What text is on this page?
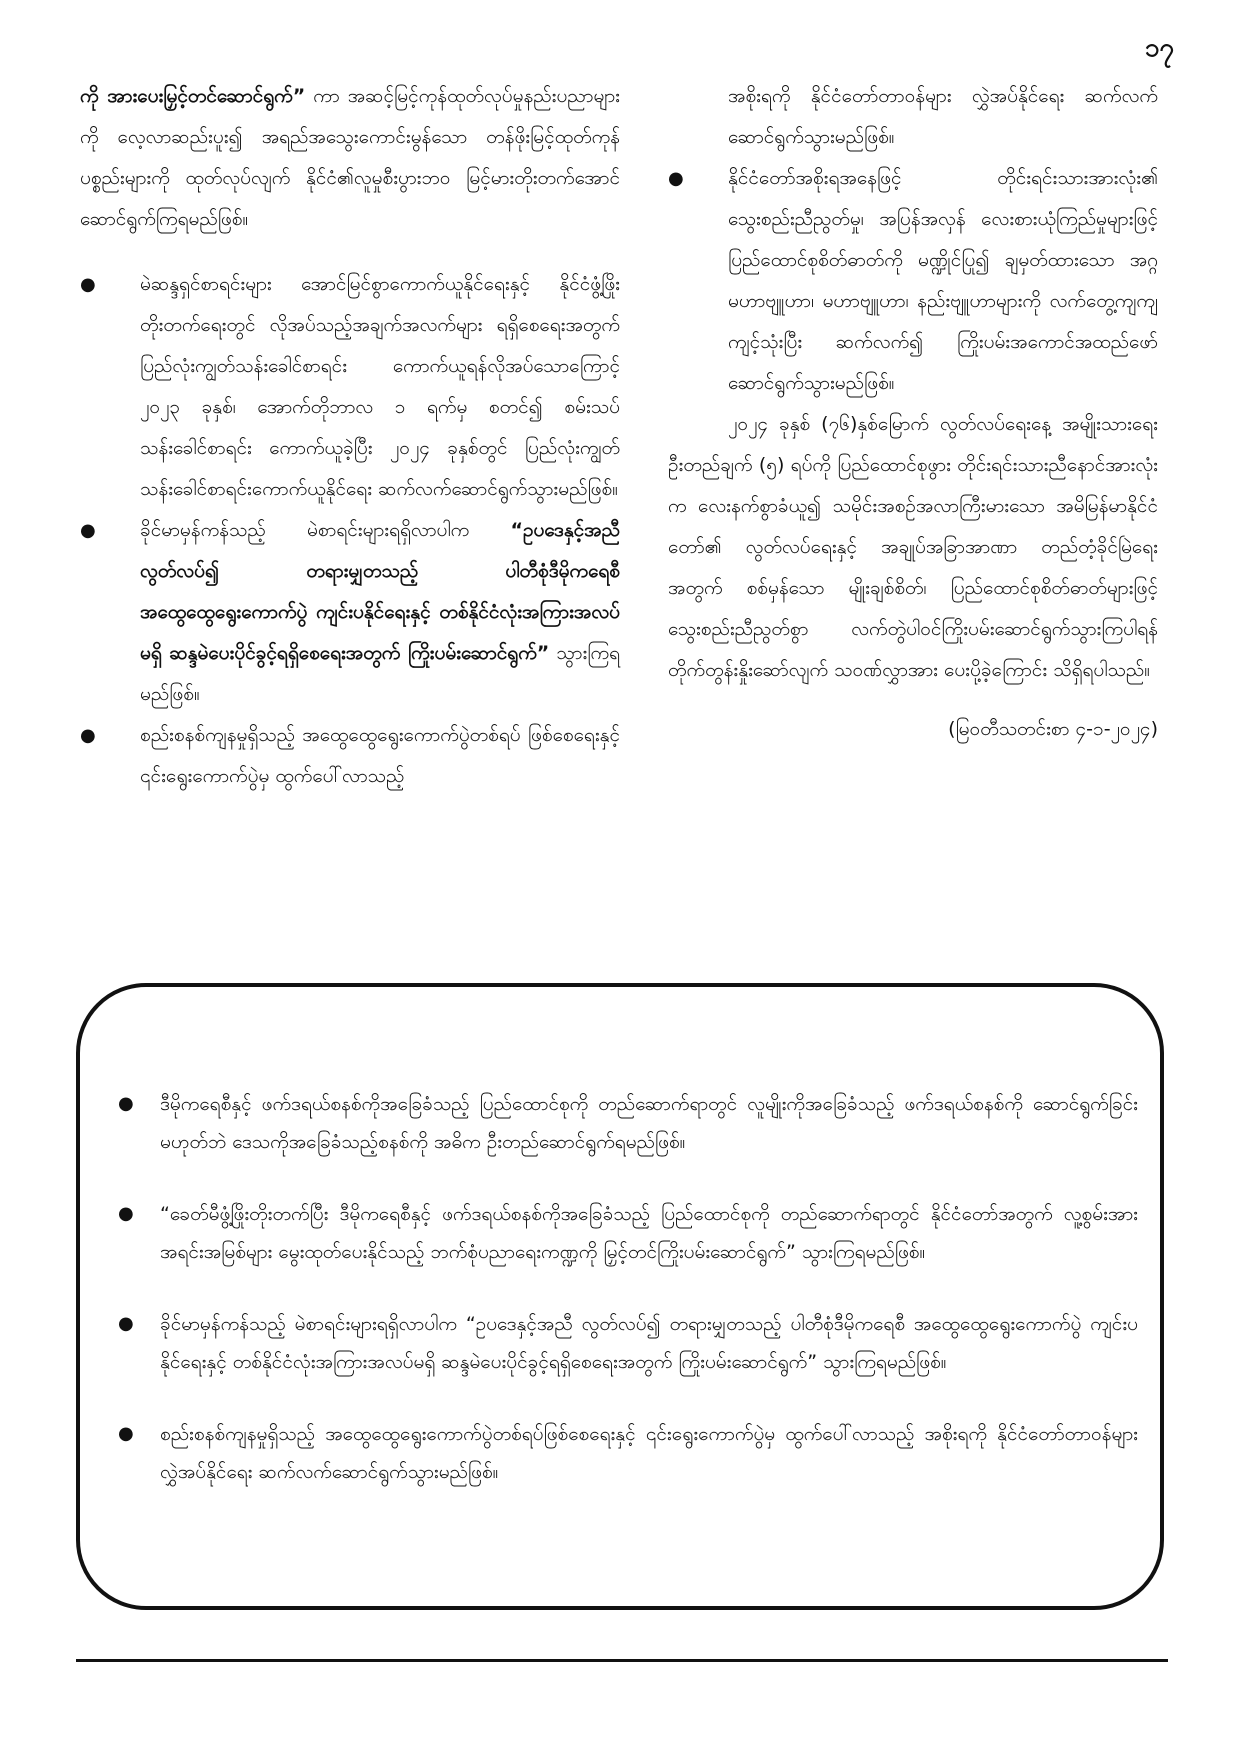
၁၇

ကို အားပေးမြှင့်တင်ဆောင်ရွက်” ကာ အဆင့်မြင့်ကုန်ထုတ်လုပ်မှုနည်းပညာများကို လေ့လာဆည်းပူး၍ အရည်အသွေးကောင်းမွန်သော တန်ဖိုးမြင့်ထုတ်ကုန်ပစ္စည်းများကို ထုတ်လုပ်လျက် နိုင်ငံ၏လူမှုစီးပွားဘ၀ မြင့်မားတိုးတက်အောင် ဆောင်ရွက်ကြရမည်ဖြစ်။

● မဲဆန္ဒရှင်စာရင်းများ အောင်မြင်စွာကောက်ယူနိုင်ရေးနှင့် နိုင်ငံဖွံ့ဖြိုးတိုးတက်ရေးတွင် လိုအပ်သည့်အချက်အလက်များ ရရှိစေရေးအတွက် ပြည်လုံးကျွတ်သန်းခေါင်စာရင်း ကောက်ယူရန်လိုအပ်သောကြောင့် ၂၀၂၃ ခုနှစ်၊ အောက်တိုဘာလ ၁ ရက်မှ စတင်၍ စမ်းသပ်သန်းခေါင်စာရင်း ကောက်ယူခဲ့ပြီး ၂၀၂၄ ခုနှစ်တွင် ပြည်လုံးကျွတ် သန်းခေါင်စာရင်းကောက်ယူနိုင်ရေး ဆက်လက်ဆောင်ရွက်သွားမည်ဖြစ်။

● ခိုင်မာမှန်ကန်သည့် မဲစာရင်းများရရှိလာပါက “ဥပဒေနှင့်အညီ လွတ်လပ်၍ တရားမျှတသည့် ပါတီစုံဒီမိုကရေစီ အထွေထွေရွေးကောက်ပွဲ ကျင်းပနိုင်ရေးနှင့် တစ်နိုင်ငံလုံးအကြားအလပ်မရှိ ဆန္ဒမဲပေးပိုင်ခွင့်ရရှိစေရေးအတွက် ကြိုးပမ်းဆောင်ရွက်” သွားကြရမည်ဖြစ်။

● စည်းစနစ်ကျနမှုရှိသည့် အထွေထွေရွေးကောက်ပွဲတစ်ရပ် ဖြစ်စေရေးနှင့် ၎င်းရွေးကောက်ပွဲမှ ထွက်ပေါ်လာသည့်

အစိုးရကို နိုင်ငံတော်တာဝန်များ လွှဲအပ်နိုင်ရေး ဆက်လက်ဆောင်ရွက်သွားမည်ဖြစ်။

● နိုင်ငံတော်အစိုးရအနေဖြင့် တိုင်းရင်းသားအားလုံး၏ သွေးစည်းညီညွတ်မှု၊ အပြန်အလှန် လေးစားယုံကြည်မှုများဖြင့် ပြည်ထောင်စုစိတ်ဓာတ်ကို မဏ္ဍိုင်ပြု၍ ချမှတ်ထားသော အဂ္ဂမဟာဗျူဟာ၊ မဟာဗျူဟာ၊ နည်းဗျူဟာများကို လက်တွေ့ကျကျ ကျင့်သုံးပြီး ဆက်လက်၍ ကြိုးပမ်းအကောင်အထည်ဖော် ဆောင်ရွက်သွားမည်ဖြစ်။

၂၀၂၄ ခုနှစ် (၇၆)နှစ်မြောက် လွတ်လပ်ရေးနေ့ အမျိုးသားရေးဦးတည်ချက် (၅) ရပ်ကို ပြည်ထောင်စုဖွား တိုင်းရင်းသားညီနောင်အားလုံးက လေးနက်စွာခံယူ၍ သမိုင်းအစဉ်အလာကြီးမားသော အမိမြန်မာနိုင်ငံတော်၏ လွတ်လပ်ရေးနှင့် အချုပ်အခြာအာဏာ တည်တံ့ခိုင်မြဲရေးအတွက် စစ်မှန်သော မျိုးချစ်စိတ်၊ ပြည်ထောင်စုစိတ်ဓာတ်များဖြင့် သွေးစည်းညီညွတ်စွာ လက်တွဲပါဝင်ကြိုးပမ်းဆောင်ရွက်သွားကြပါရန် တိုက်တွန်းနှိုးဆော်လျက် သဝဏ်လွှာအား ပေးပို့ခဲ့ကြောင်း သိရှိရပါသည်။

(မြဝတီသတင်းစာ ၄-၁-၂၀၂၄)

● ဒီမိုကရေစီနှင့် ဖက်ဒရယ်စနစ်ကိုအခြေခံသည့် ပြည်ထောင်စုကို တည်ဆောက်ရာတွင် လူမျိုးကိုအခြေခံသည့် ဖက်ဒရယ်စနစ်ကို ဆောင်ရွက်ခြင်းမဟုတ်ဘဲ ဒေသကိုအခြေခံသည့်စနစ်ကို အဓိက ဦးတည်ဆောင်ရွက်ရမည်ဖြစ်။

● “ခေတ်မီဖွံ့ဖြိုးတိုးတက်ပြီး ဒီမိုကရေစီနှင့် ဖက်ဒရယ်စနစ်ကိုအခြေခံသည့် ပြည်ထောင်စုကို တည်ဆောက်ရာတွင် နိုင်ငံတော်အတွက် လူ့စွမ်းအားအရင်းအမြစ်များ မွေးထုတ်ပေးနိုင်သည့် ဘက်စုံပညာရေးကဏ္ဍကို မြှင့်တင်ကြိုးပမ်းဆောင်ရွက်” သွားကြရမည်ဖြစ်။

● ခိုင်မာမှန်ကန်သည့် မဲစာရင်းများရရှိလာပါက “ဥပဒေနှင့်အညီ လွတ်လပ်၍ တရားမျှတသည့် ပါတီစုံဒီမိုကရေစီ အထွေထွေရွေးကောက်ပွဲ ကျင်းပနိုင်ရေးနှင့် တစ်နိုင်ငံလုံးအကြားအလပ်မရှိ ဆန္ဒမဲပေးပိုင်ခွင့်ရရှိစေရေးအတွက် ကြိုးပမ်းဆောင်ရွက်” သွားကြရမည်ဖြစ်။

● စည်းစနစ်ကျနမှုရှိသည့် အထွေထွေရွေးကောက်ပွဲတစ်ရပ်ဖြစ်စေရေးနှင့် ၎င်းရွေးကောက်ပွဲမှ ထွက်ပေါ်လာသည့် အစိုးရကို နိုင်ငံတော်တာဝန်များ လွှဲအပ်နိုင်ရေး ဆက်လက်ဆောင်ရွက်သွားမည်ဖြစ်။
